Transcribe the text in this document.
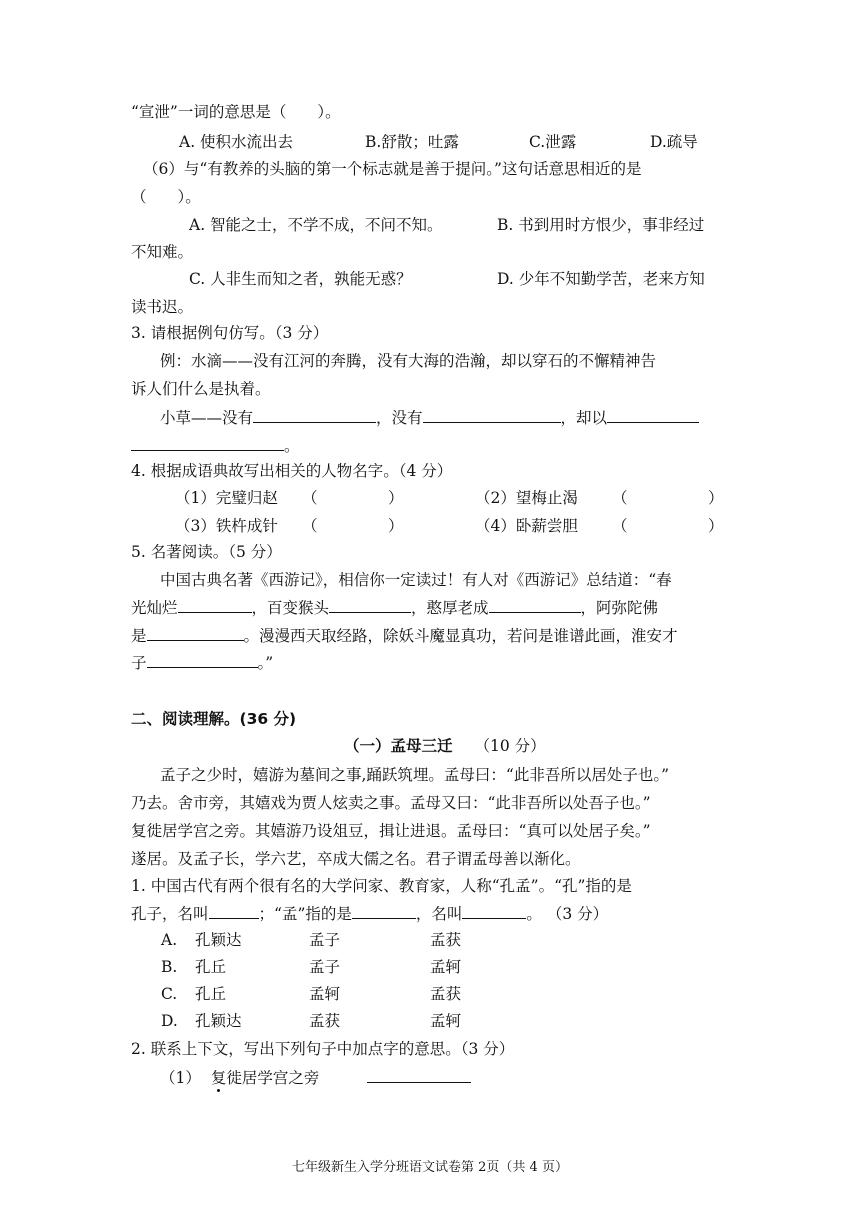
“宣泄”一词的意思是（　　）。
A. 使积水流出去	B.舒散；吐露	C.泄露	D.疏导
（6）与“有教养的头脑的第一个标志就是善于提问。”这句话意思相近的是
（　　）。
A. 智能之士，不学不成，不问不知。	B. 书到用时方恨少，事非经过
不知难。
C. 人非生而知之者，孰能无惑？	D. 少年不知勤学苦，老来方知
读书迟。
3. 请根据例句仿写。（3 分）
例：水滴——没有江河的奔腾，没有大海的浩瀚，却以穿石的不懈精神告
诉人们什么是执着。
小草——没有	，没有	，却以
。
4. 根据成语典故写出相关的人物名字。（4 分）
（1）完璧归赵 （	）	（2）望梅止渴 （	）
（3）铁杵成针 （	）	（4）卧薪尝胆 （	）
5. 名著阅读。（5 分）
中国古典名著《西游记》，相信你一定读过！有人对《西游记》总结道：“春
光灿烂	，百变猴头	，憨厚老成	，阿弥陀佛
是	。漫漫西天取经路，除妖斗魔显真功，若问是谁谱此画，淮安才
子	。”
二、阅读理解。(36 分)
（一）孟母三迁 （10 分）
孟子之少时，嬉游为墓间之事,踊跃筑埋。孟母曰：“此非吾所以居处子也。”
乃去。舍市旁，其嬉戏为贾人炫卖之事。孟母又曰：“此非吾所以处吾子也。”
复徙居学宫之旁。其嬉游乃设俎豆，揖让进退。孟母曰：“真可以处居子矣。”
遂居。及孟子长，学六艺，卒成大儒之名。君子谓孟母善以渐化。
1. 中国古代有两个很有名的大学问家、教育家，人称“孔孟”。“孔”指的是
孔子，名叫	；“孟”指的是	，名叫	。 （3 分）
A. 孔颖达	孟子	孟获
B. 孔丘	孟子	孟轲
C. 孔丘	孟轲	孟获
D. 孔颖达	孟获	孟轲
2. 联系上下文，写出下列句子中加点字的意思。（3 分）
（1） 复徙居学宫之旁
七年级新生入学分班语文试卷第 2页（共 4 页）
